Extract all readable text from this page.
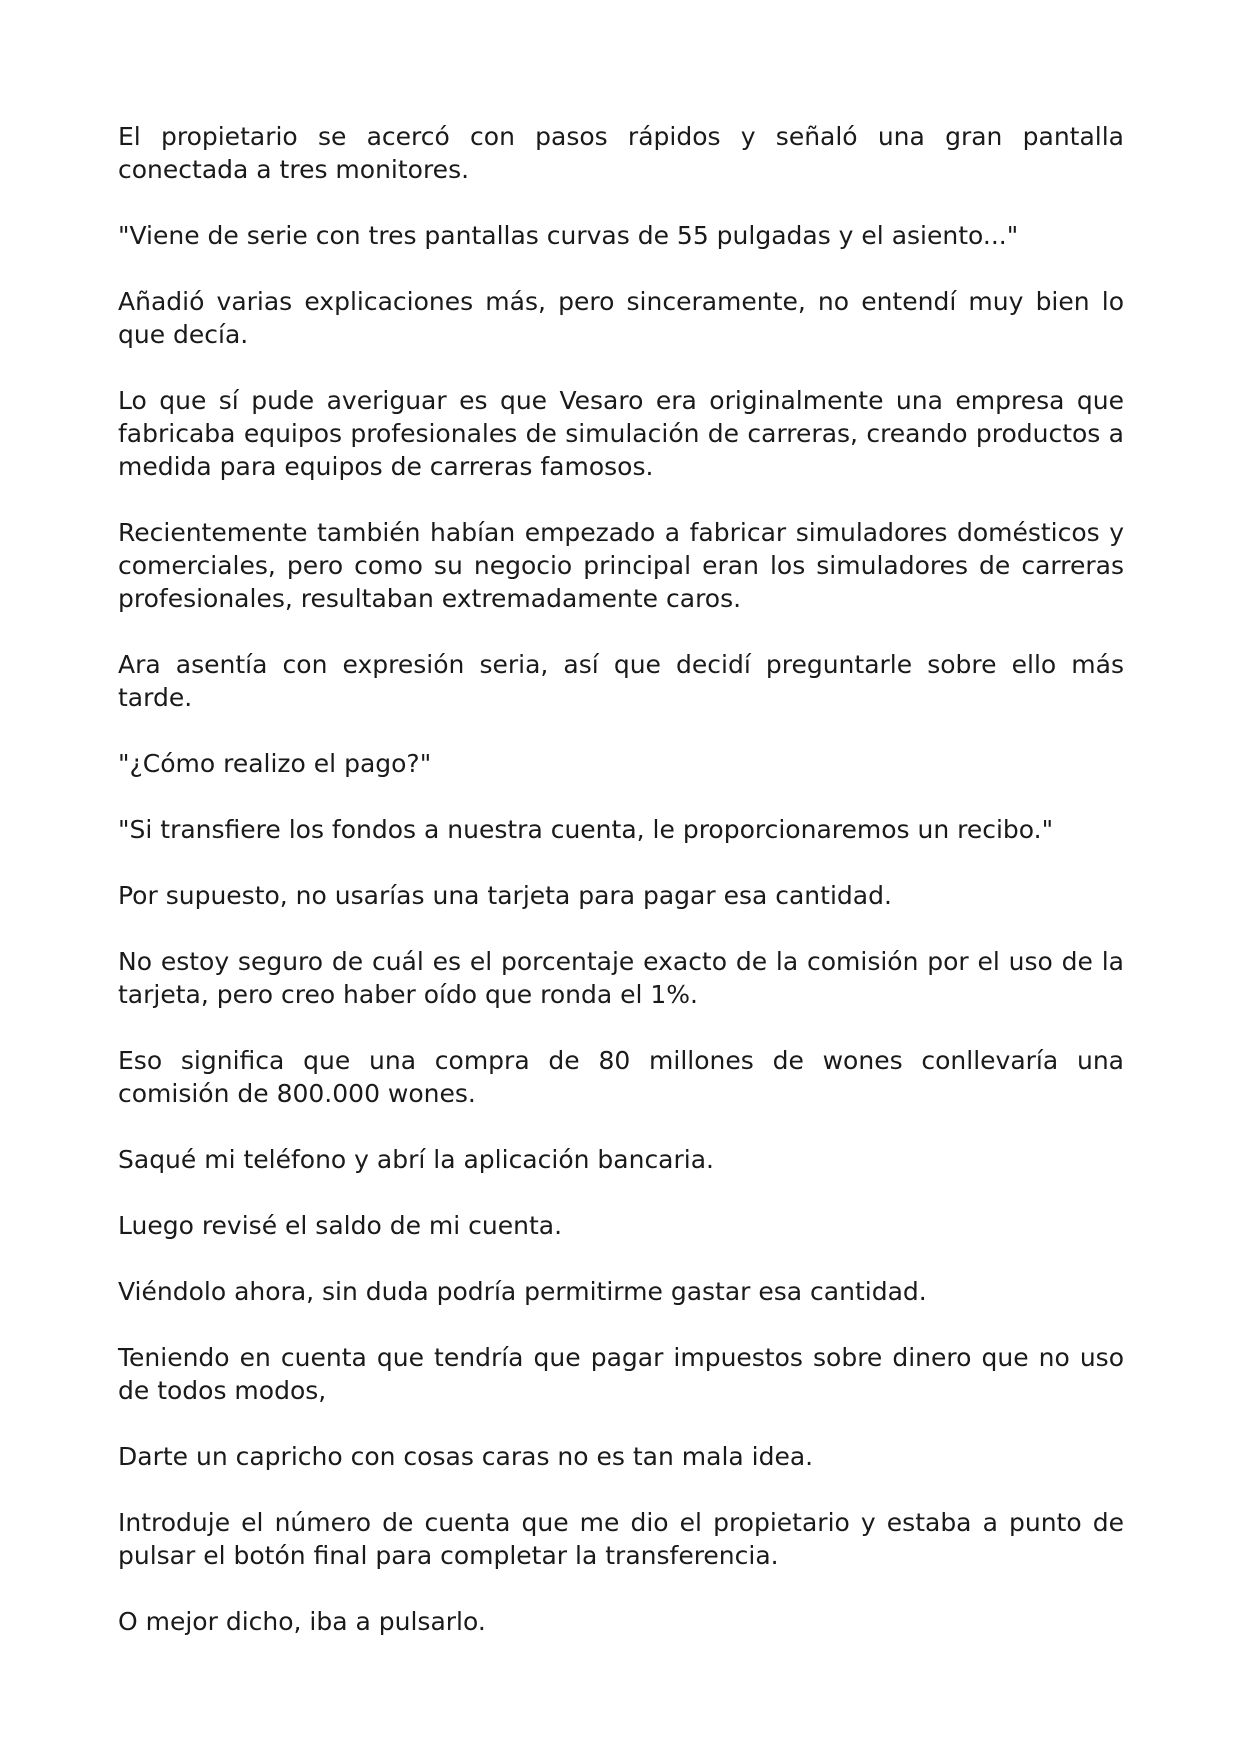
El propietario se acercó con pasos rápidos y señaló una gran pantalla conectada a tres monitores.

"Viene de serie con tres pantallas curvas de 55 pulgadas y el asiento..."

Añadió varias explicaciones más, pero sinceramente, no entendí muy bien lo que decía.

Lo que sí pude averiguar es que Vesaro era originalmente una empresa que fabricaba equipos profesionales de simulación de carreras, creando productos a medida para equipos de carreras famosos.

Recientemente también habían empezado a fabricar simuladores domésticos y comerciales, pero como su negocio principal eran los simuladores de carreras profesionales, resultaban extremadamente caros.

Ara asentía con expresión seria, así que decidí preguntarle sobre ello más tarde.

"¿Cómo realizo el pago?"

"Si transfiere los fondos a nuestra cuenta, le proporcionaremos un recibo."

Por supuesto, no usarías una tarjeta para pagar esa cantidad.

No estoy seguro de cuál es el porcentaje exacto de la comisión por el uso de la tarjeta, pero creo haber oído que ronda el 1%.

Eso significa que una compra de 80 millones de wones conllevaría una comisión de 800.000 wones.

Saqué mi teléfono y abrí la aplicación bancaria.

Luego revisé el saldo de mi cuenta.

Viéndolo ahora, sin duda podría permitirme gastar esa cantidad.

Teniendo en cuenta que tendría que pagar impuestos sobre dinero que no uso de todos modos,

Darte un capricho con cosas caras no es tan mala idea.

Introduje el número de cuenta que me dio el propietario y estaba a punto de pulsar el botón final para completar la transferencia.

O mejor dicho, iba a pulsarlo.
